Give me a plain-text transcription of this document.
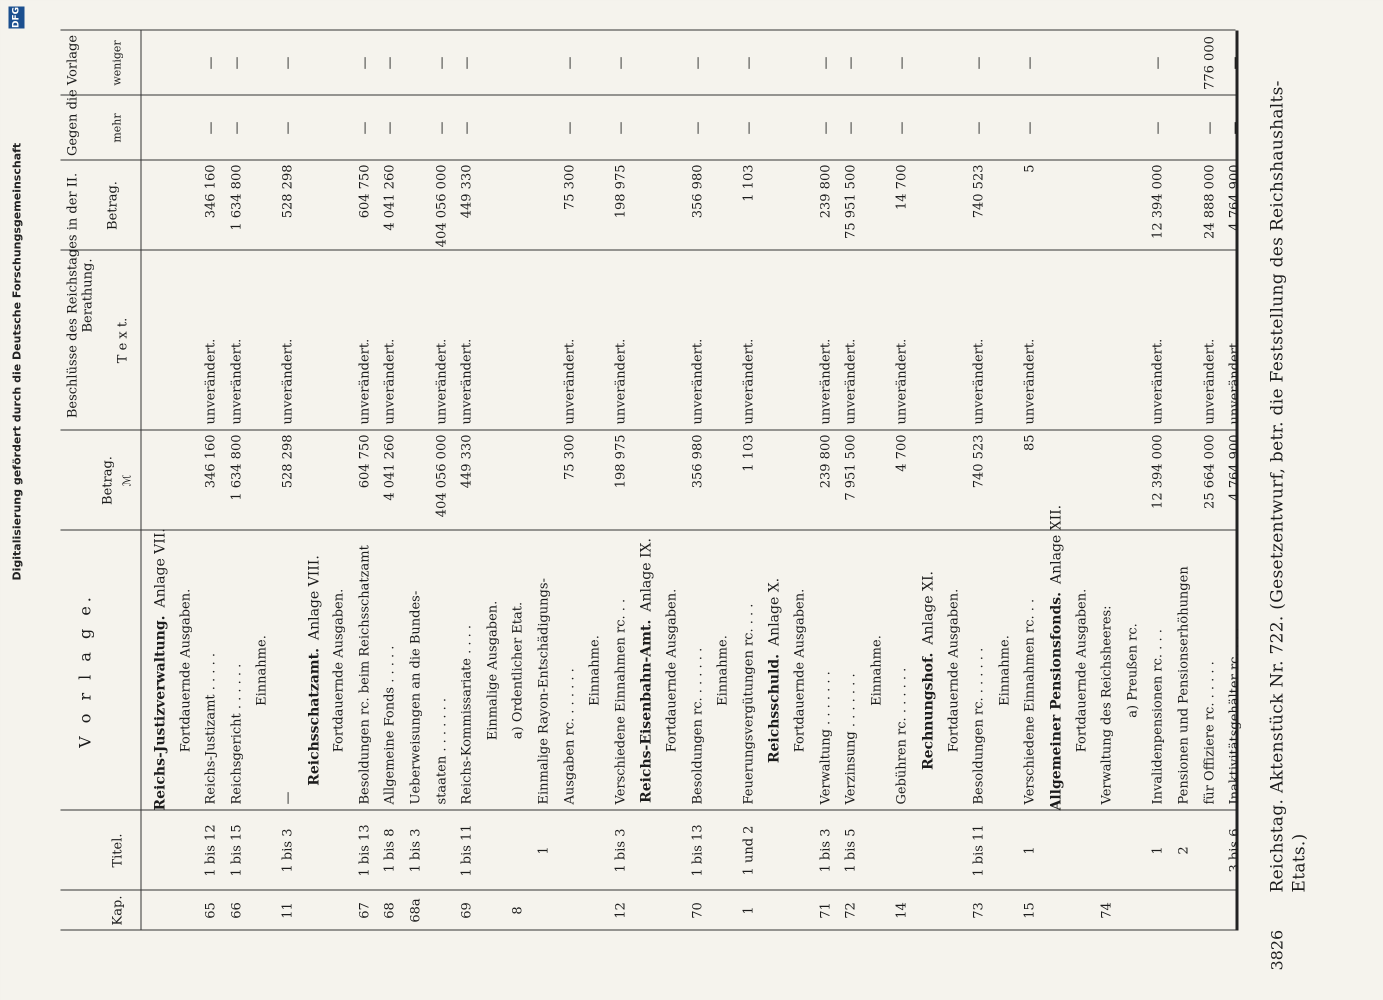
DFG
Digitalisierung gefördert durch die Deutsche Forschungsgemeinschaft
3826
Reichstag. Aktenstück Nr. 722. (Gesetzentwurf, betr. die Feststellung des Reichshaushalts-Etats.)
Kap.
Titel.
V o r l a g e.
Betrag. ℳ
Beschlüsse des Reichstages in der II. Berathung.
T e x t.
Betrag.
Gegen die Vorlage	mehr
weniger
Reichs-Justizverwaltung.Anlage VII.
Fortdauernde Ausgaben.
65
1 bis 12
Reichs-Justizamt . . . . .
346 160
unverändert.
346 160
—
—
66
1 bis 15
Reichsgericht . . . . . .
1 634 800
unverändert.
1 634 800
—
—
Einnahme.
11
1 bis 3
—
528 298
unverändert.
528 298
—
—
Reichsschatzamt.Anlage VIII. Fortdauernde Ausgaben.
67
1 bis 13
Besoldungen rc. beim Reichsschatzamt
604 750
unverändert.
604 750
—
—
68
1 bis 8
Allgemeine Fonds . . . . .
4 041 260
unverändert.
4 041 260
—
—
68a
1 bis 3
Ueberweisungen an die Bundes- staaten . . . . . . .
404 056 000
unverändert.
404 056 000
—
—
69
1 bis 11
Reichs-Kommissariate . . . .
449 330
unverändert.
449 330
—
—
Einmalige Ausgaben.
8
a) Ordentlicher Etat.
1
Einmalige Rayon-Entschädigungs- Ausgaben rc. . . . . . .
75 300
unverändert.
75 300
—
—
Einnahme.
12
1 bis 3
Verschiedene Einnahmen rc. . .
198 975
unverändert.
198 975
—
—
Reichs-Eisenbahn-Amt.Anlage IX.
Fortdauernde Ausgaben.
70
1 bis 13
Besoldungen rc. . . . . . .
356 980
unverändert.
356 980
—
—
Einnahme.
1
1 und 2
Feuerungsvergütungen rc. . . .
1 103
unverändert.
1 103
—
—
Reichsschuld.Anlage X. Fortdauernde Ausgaben.
71
1 bis 3
Verwaltung . . . . . . .
239 800
unverändert.
239 800
—
—
72
1 bis 5
Verzinsung . . . . . . .
7 951 500
unverändert.
75 951 500
—
—
Einnahme.
14
Gebühren rc. . . . . . .
4 700
unverändert.
14 700
—
—
Rechnungshof.Anlage XI. Fortdauernde Ausgaben.
73
1 bis 11
Besoldungen rc. . . . . . .
740 523
unverändert.
740 523
—
—
Einnahme.
15
1
Verschiedene Einnahmen rc. . .
85
unverändert.
5
—
—
Allgemeiner Pensionsfonds.Anlage XII.
Fortdauernde Ausgaben.
74
Verwaltung des Reichsheeres: a) Preußen rc.
1
Invalidenpensionen rc. . . .
12 394 000
unverändert.
12 394 000
—
—
2
Pensionen und Pensionserhöhungen für Offiziere rc. . . . . .
25 664 000
unverändert.
24 888 000
—
776 000
3 bis 6
Inaktivitätsgehälter rc. . . .
4 764 900
unverändert.
4 764 900
—
—
